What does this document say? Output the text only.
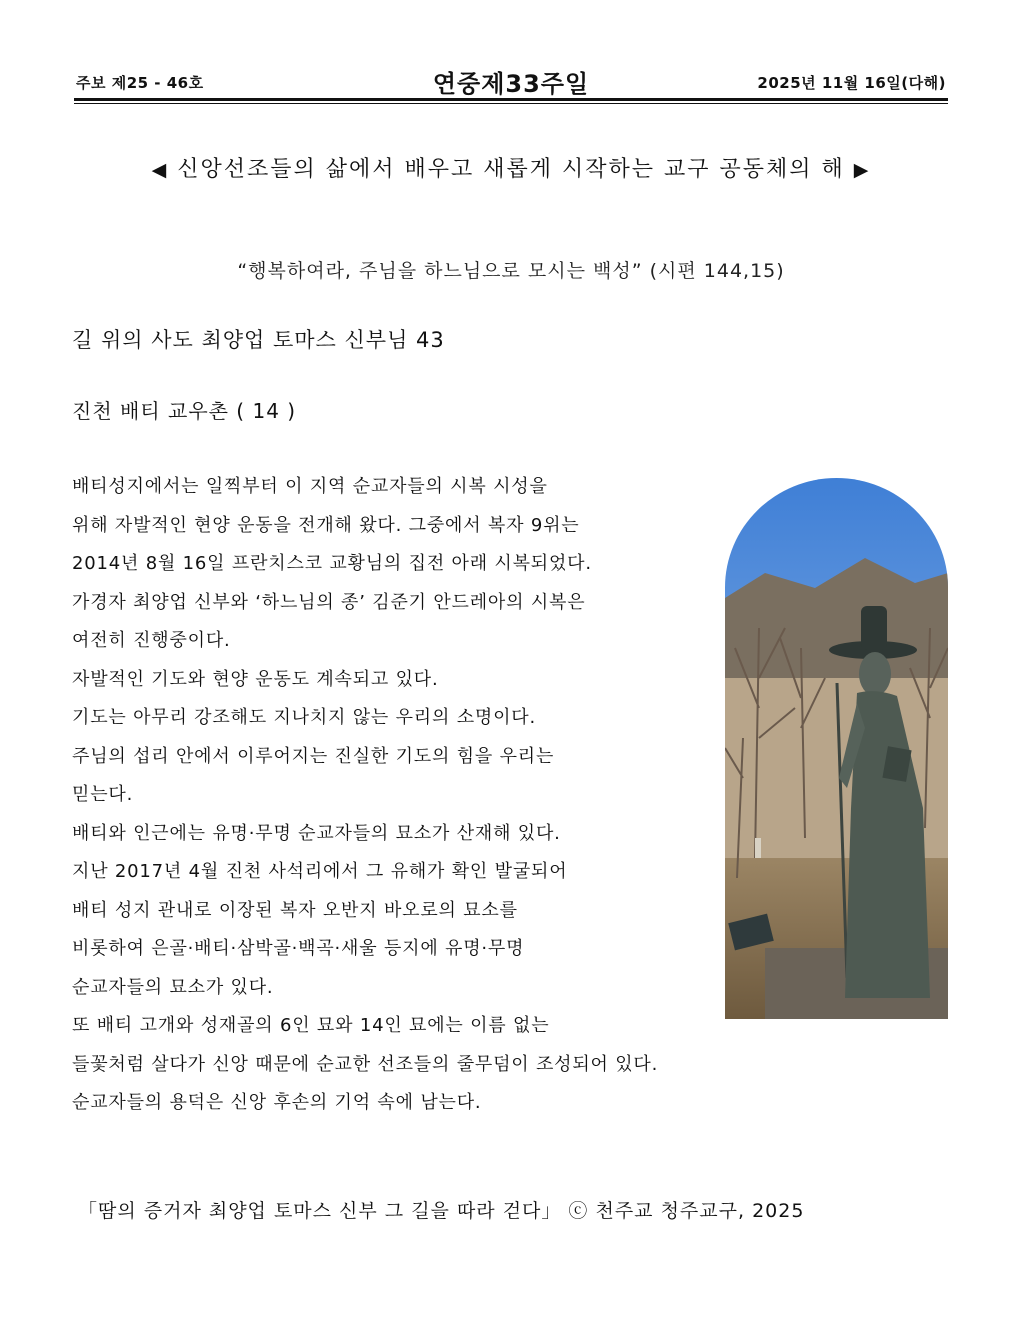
주보 제25 - 46호	연중제33주일	2025년 11월 16일(다해)
◀ 신앙선조들의 삶에서 배우고 새롭게 시작하는 교구 공동체의 해 ▶
“행복하여라, 주님을 하느님으로 모시는 백성” (시편 144,15)
길 위의 사도 최양업 토마스 신부님 43
진천 배티 교우촌 ( 14 )
배티성지에서는 일찍부터 이 지역 순교자들의 시복 시성을
위해 자발적인 현양 운동을 전개해 왔다. 그중에서 복자 9위는
2014년 8월 16일 프란치스코 교황님의 집전 아래 시복되었다.
가경자 최양업 신부와 ‘하느님의 종’ 김준기 안드레아의 시복은
여전히 진행중이다.
자발적인 기도와 현양 운동도 계속되고 있다.
기도는 아무리 강조해도 지나치지 않는 우리의 소명이다.
주님의 섭리 안에서 이루어지는 진실한 기도의 힘을 우리는
믿는다.
배티와 인근에는 유명·무명 순교자들의 묘소가 산재해 있다.
지난 2017년 4월 진천 사석리에서 그 유해가 확인 발굴되어
배티 성지 관내로 이장된 복자 오반지 바오로의 묘소를
비롯하여 은골·배티·삼박골·백곡·새울 등지에 유명·무명
순교자들의 묘소가 있다.
또 배티 고개와 성재골의 6인 묘와 14인 묘에는 이름 없는
들꽃처럼 살다가 신앙 때문에 순교한 선조들의 줄무덤이 조성되어 있다.
순교자들의 용덕은 신앙 후손의 기억 속에 남는다.
「땀의 증거자 최양업 토마스 신부 그 길을 따라 걷다」 ⓒ 천주교 청주교구, 2025
